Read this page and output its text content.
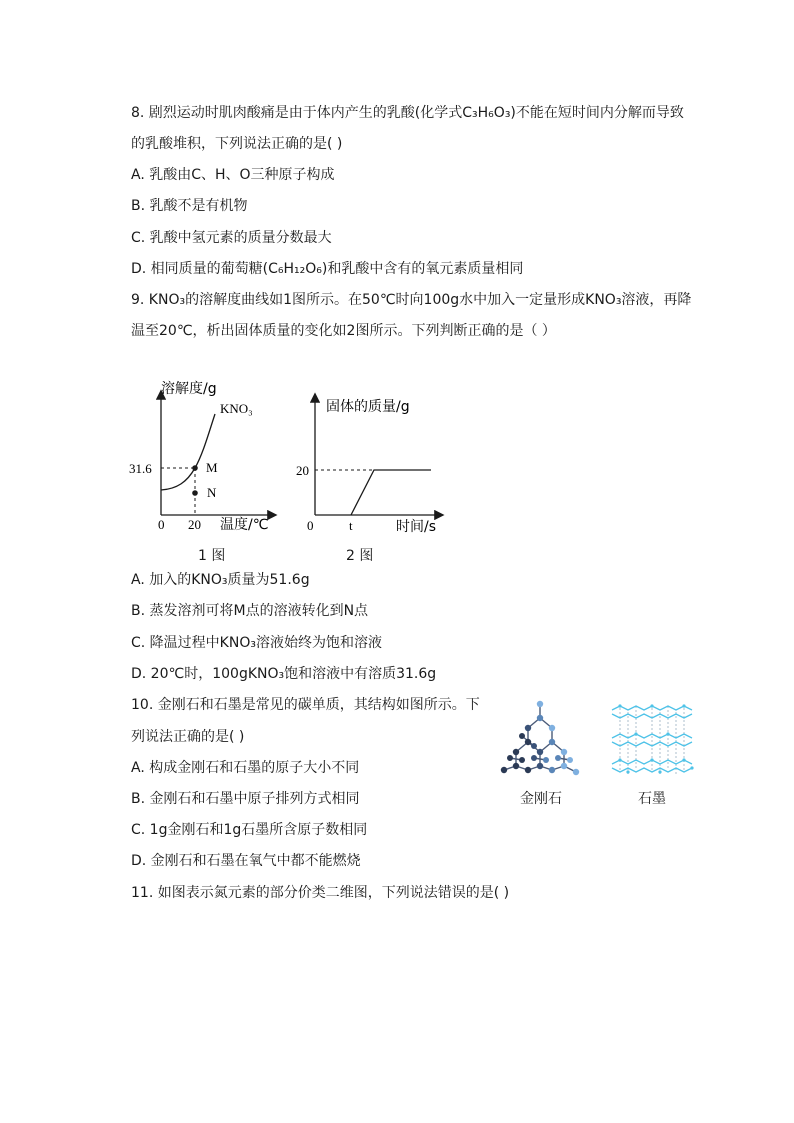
8. 剧烈运动时肌肉酸痛是由于体内产生的乳酸(化学式C₃H₆O₃)不能在短时间内分解而导致
的乳酸堆积，下列说法正确的是( )
A. 乳酸由C、H、O三种原子构成
B. 乳酸不是有机物
C. 乳酸中氢元素的质量分数最大
D. 相同质量的葡萄糖(C₆H₁₂O₆)和乳酸中含有的氧元素质量相同
9. KNO₃的溶解度曲线如1图所示。在50℃时向100g水中加入一定量形成KNO₃溶液，再降
温至20℃，析出固体质量的变化如2图所示。下列判断正确的是（ ）
溶解度/g
KNO₃
M
N
31.6
0 20 温度/℃
1 图
固体的质量/g
20
0	t	时间/s
2 图
A. 加入的KNO₃质量为51.6g
B. 蒸发溶剂可将M点的溶液转化到N点
C. 降温过程中KNO₃溶液始终为饱和溶液
D. 20℃时，100gKNO₃饱和溶液中有溶质31.6g
10. 金刚石和石墨是常见的碳单质，其结构如图所示。下
列说法正确的是( )
A. 构成金刚石和石墨的原子大小不同
B. 金刚石和石墨中原子排列方式相同
C. 1g金刚石和1g石墨所含原子数相同
D. 金刚石和石墨在氧气中都不能燃烧
金刚石	石墨
11. 如图表示氮元素的部分价类二维图，下列说法错误的是( )
